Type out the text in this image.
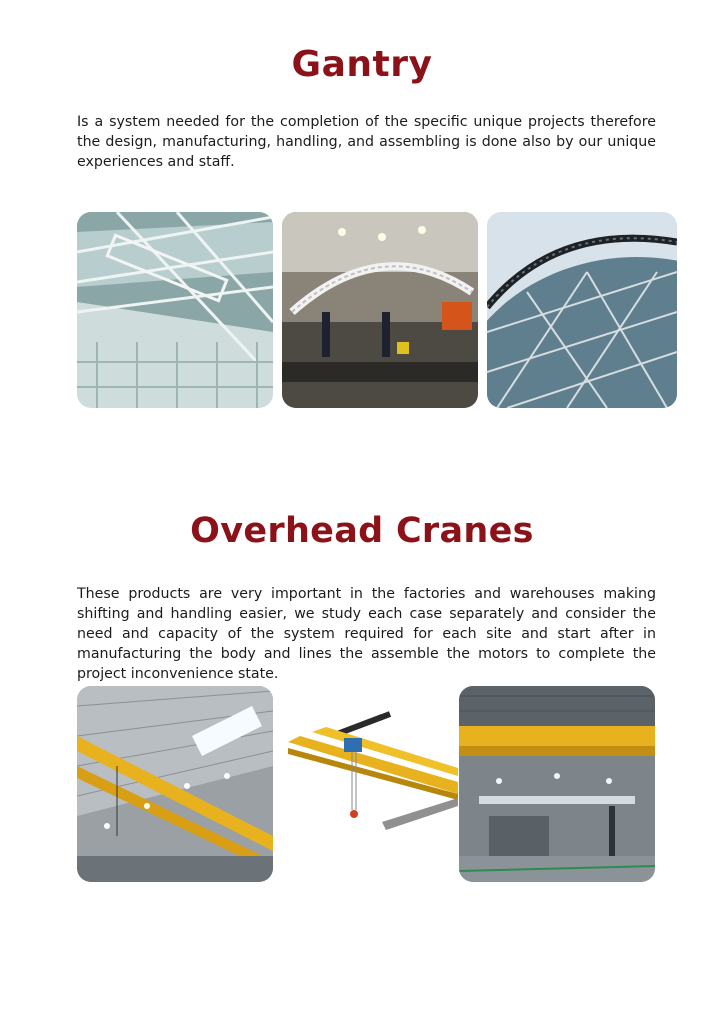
Gantry

Is a system needed for the completion of the specific unique projects therefore the design, manufacturing, handling, and assembling is done also by our unique experiences and staff.

Overhead Cranes

These products are very important in the factories and warehouses making shifting and handling easier, we study each case separately and consider the need and capacity of the system required for each site and start after in manufacturing the body and lines the assemble the motors to complete the project inconvenience state.
